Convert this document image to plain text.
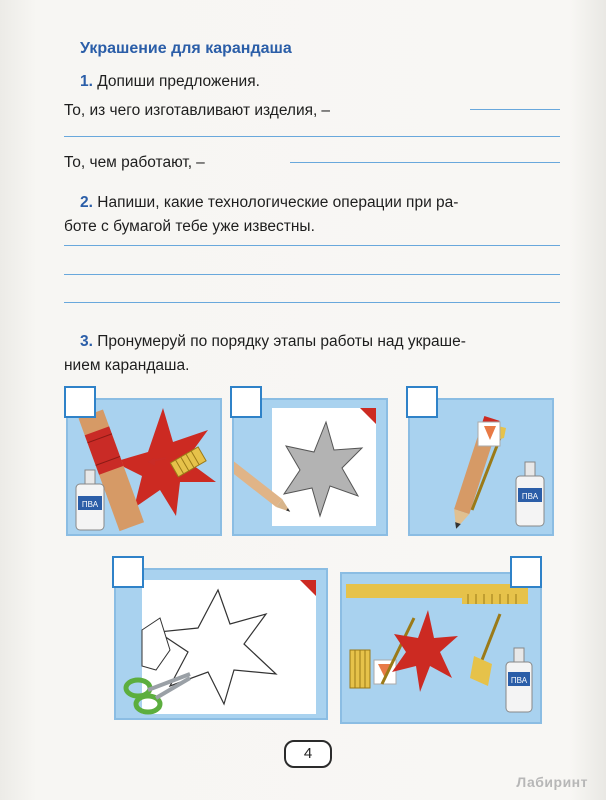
Украшение для карандаша
1. Допиши предложения.
То, из чего изготавливают изделия, –
То, чем работают, –
2. Напиши, какие технологические операции при ра-
боте с бумагой тебе уже известны.
3. Пронумеруй по порядку этапы работы над украше-
нием карандаша.
ПВА
ПВА
ПВА
4
Лабиринт
